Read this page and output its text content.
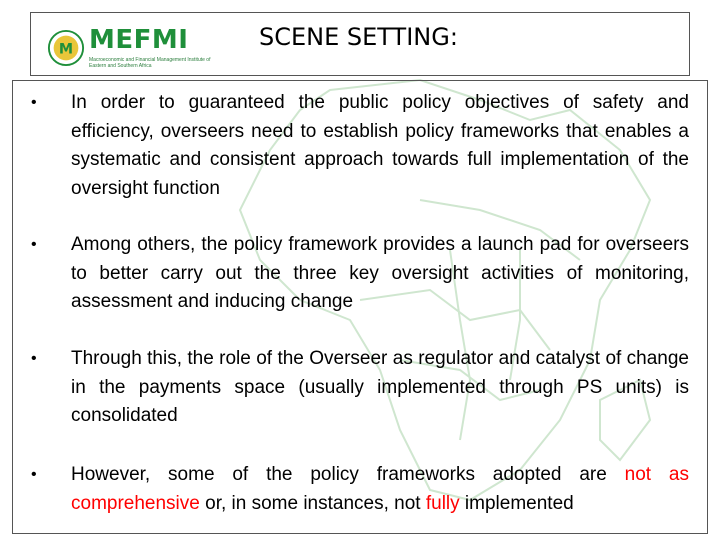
M MEFMI
Macroeconomic and Financial Management Institute of Eastern and Southern Africa
SCENE SETTING:
•	In order to guaranteed the public policy objectives of safety and efficiency, overseers need to establish policy frameworks that enables a systematic and consistent approach towards full implementation of the oversight function
•	Among others, the policy framework provides a launch pad for overseers to better carry out the three key oversight activities of monitoring, assessment and inducing change
•	Through this, the role of the Overseer as regulator and catalyst of change     in the payments space (usually implemented through PS units) is consolidated
•	However, some of the policy frameworks adopted are not as comprehensive or, in some instances, not fully implemented
